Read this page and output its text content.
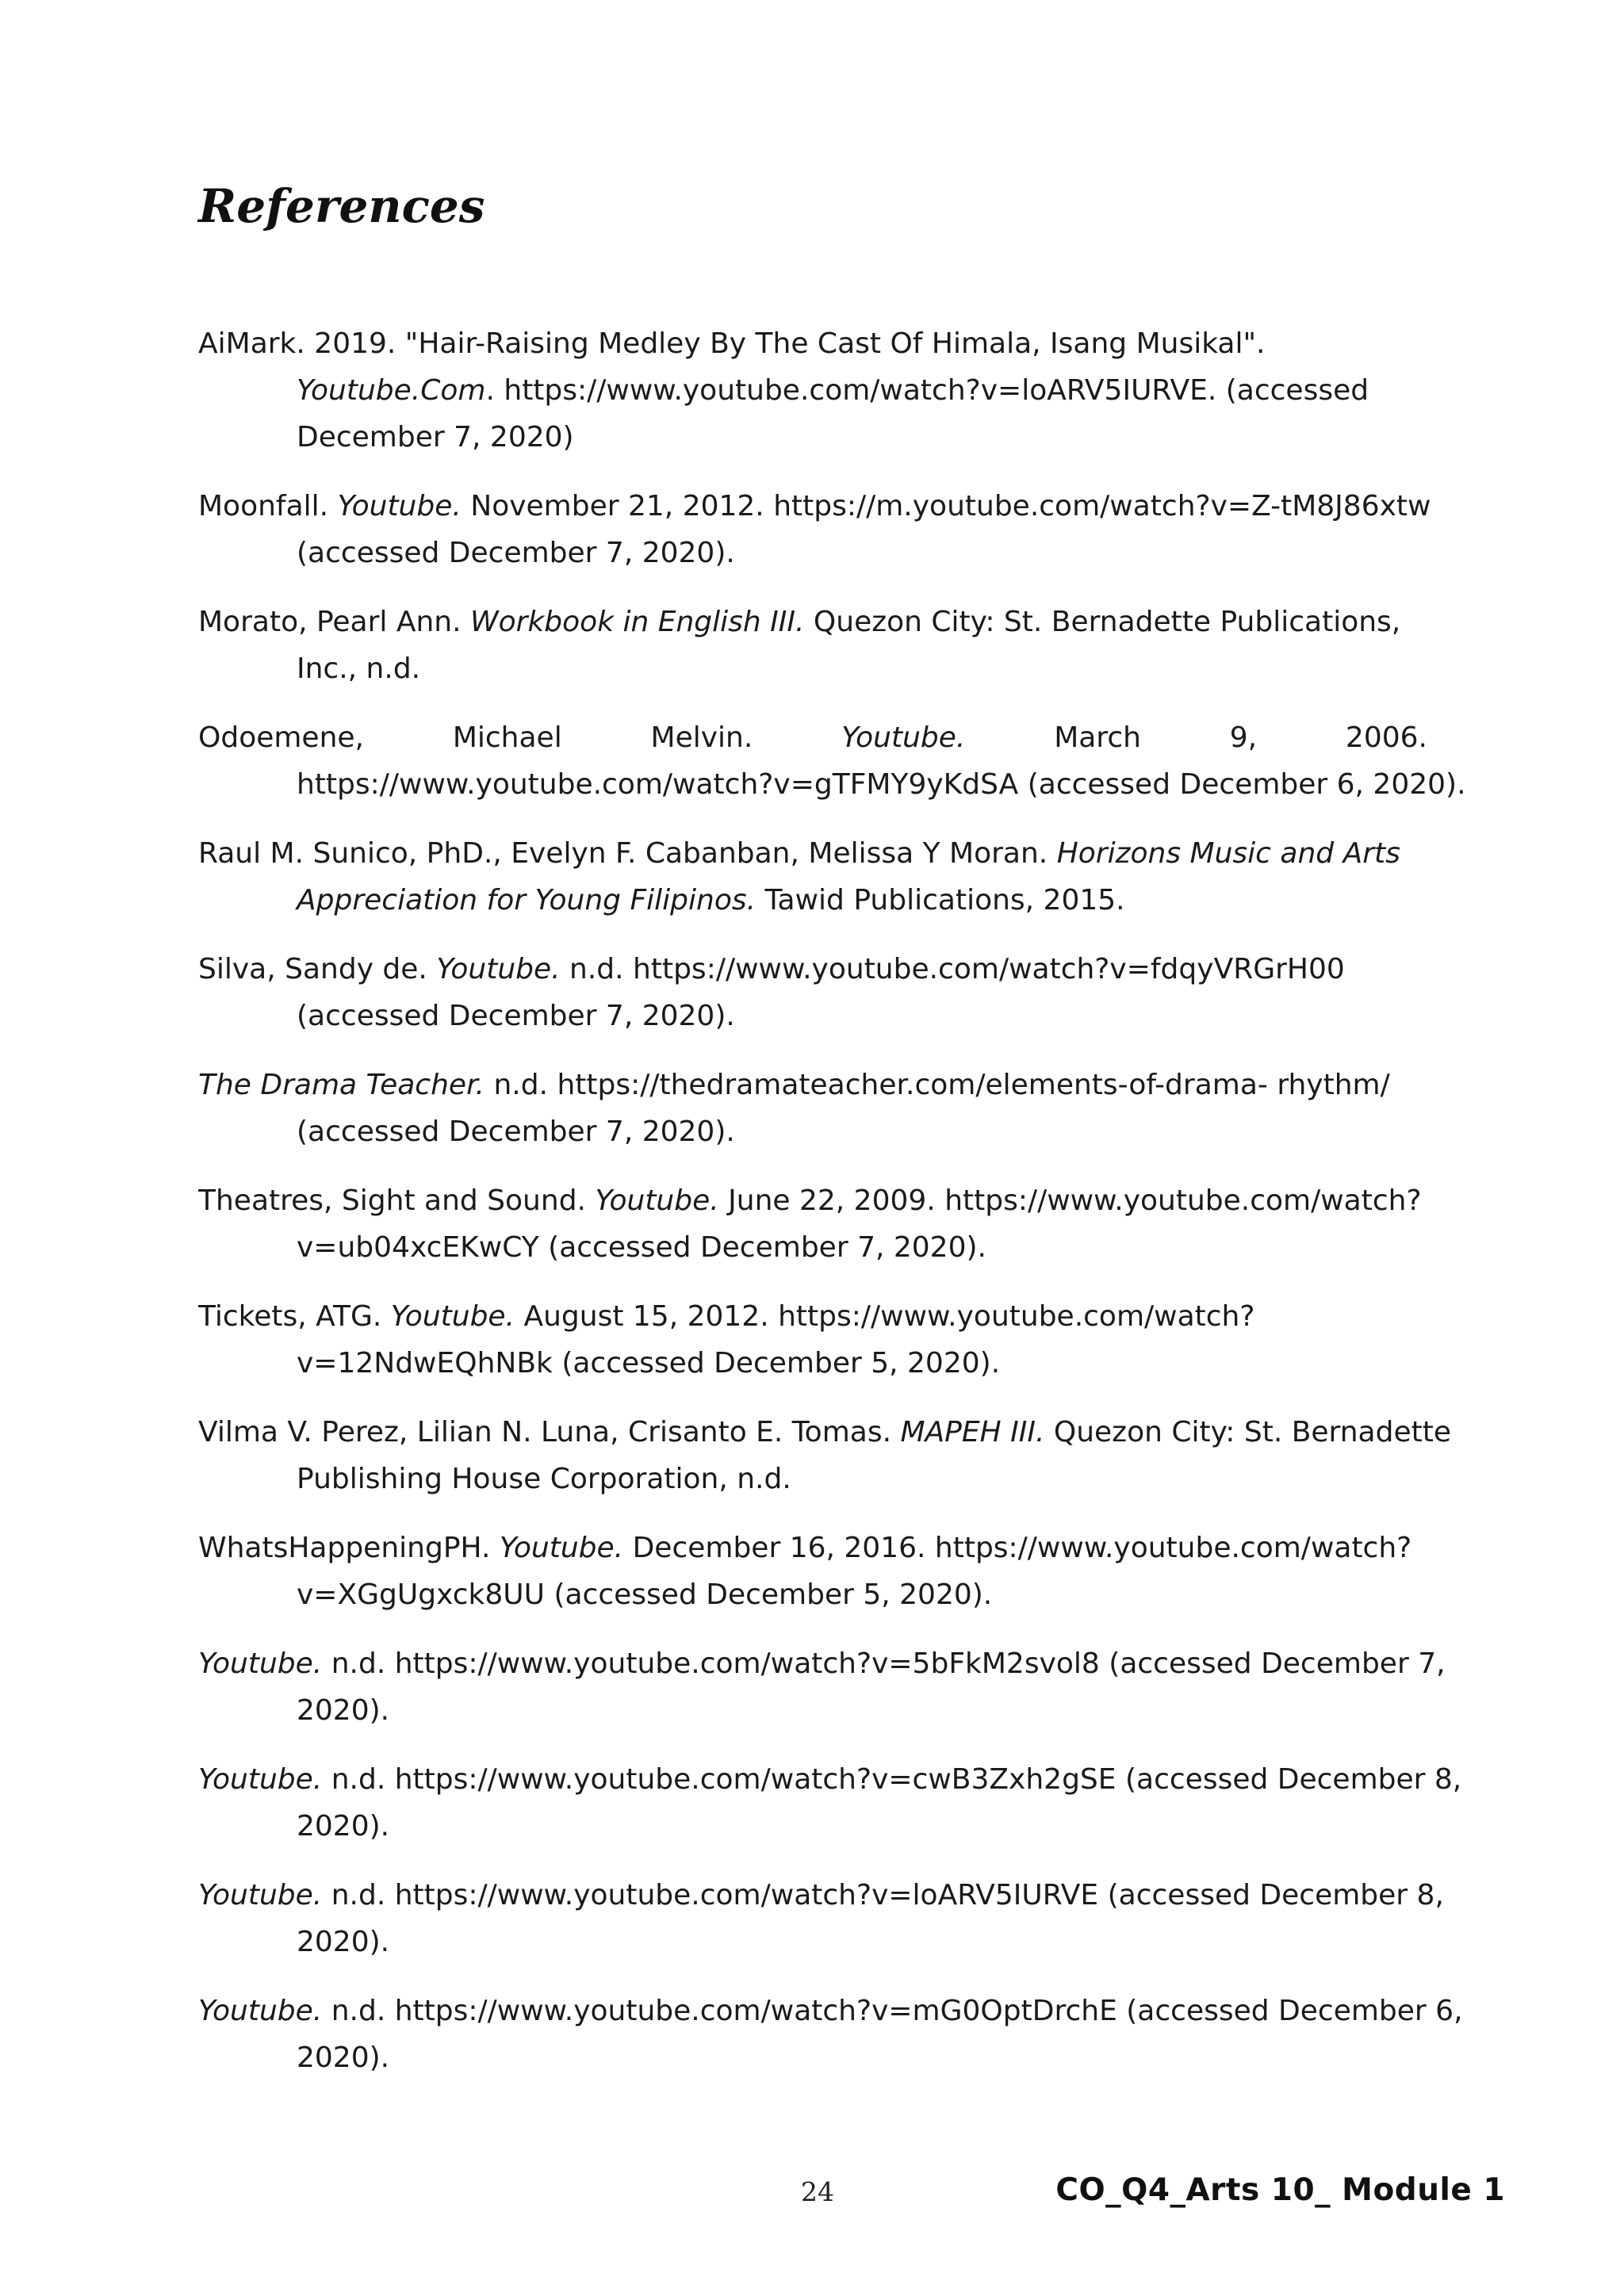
References
AiMark. 2019. "Hair-Raising Medley By The Cast Of Himala, Isang Musikal". Youtube.Com. https://www.youtube.com/watch?v=loARV5IURVE. (accessed December 7, 2020)
Moonfall. Youtube. November 21, 2012. https://m.youtube.com/watch?v=Z-tM8J86xtw (accessed December 7, 2020).
Morato, Pearl Ann. Workbook in English III. Quezon City: St. Bernadette Publications, Inc., n.d.
Odoemene,	Michael	Melvin.	Youtube.	March	9,	2006.
https://www.youtube.com/watch?v=gTFMY9yKdSA (accessed December 6, 2020).
Raul M. Sunico, PhD., Evelyn F. Cabanban, Melissa Y Moran. Horizons Music and Arts Appreciation for Young Filipinos. Tawid Publications, 2015.
Silva, Sandy de. Youtube. n.d. https://www.youtube.com/watch?v=fdqyVRGrH00 (accessed December 7, 2020).
The Drama Teacher. n.d. https://thedramateacher.com/elements-of-drama- rhythm/ (accessed December 7, 2020).
Theatres, Sight and Sound. Youtube. June 22, 2009. https://www.youtube.com/watch?v=ub04xcEKwCY (accessed December 7, 2020).
Tickets, ATG. Youtube. August 15, 2012. https://www.youtube.com/watch?v=12NdwEQhNBk (accessed December 5, 2020).
Vilma V. Perez, Lilian N. Luna, Crisanto E. Tomas. MAPEH III. Quezon City: St. Bernadette Publishing House Corporation, n.d.
WhatsHappeningPH. Youtube. December 16, 2016. https://www.youtube.com/watch?v=XGgUgxck8UU (accessed December 5, 2020).
Youtube. n.d. https://www.youtube.com/watch?v=5bFkM2svol8 (accessed December 7, 2020).
Youtube. n.d. https://www.youtube.com/watch?v=cwB3Zxh2gSE (accessed December 8, 2020).
Youtube. n.d. https://www.youtube.com/watch?v=loARV5IURVE (accessed December 8, 2020).
Youtube. n.d. https://www.youtube.com/watch?v=mG0OptDrchE (accessed December 6, 2020).
24	CO_Q4_Arts 10_ Module 1
